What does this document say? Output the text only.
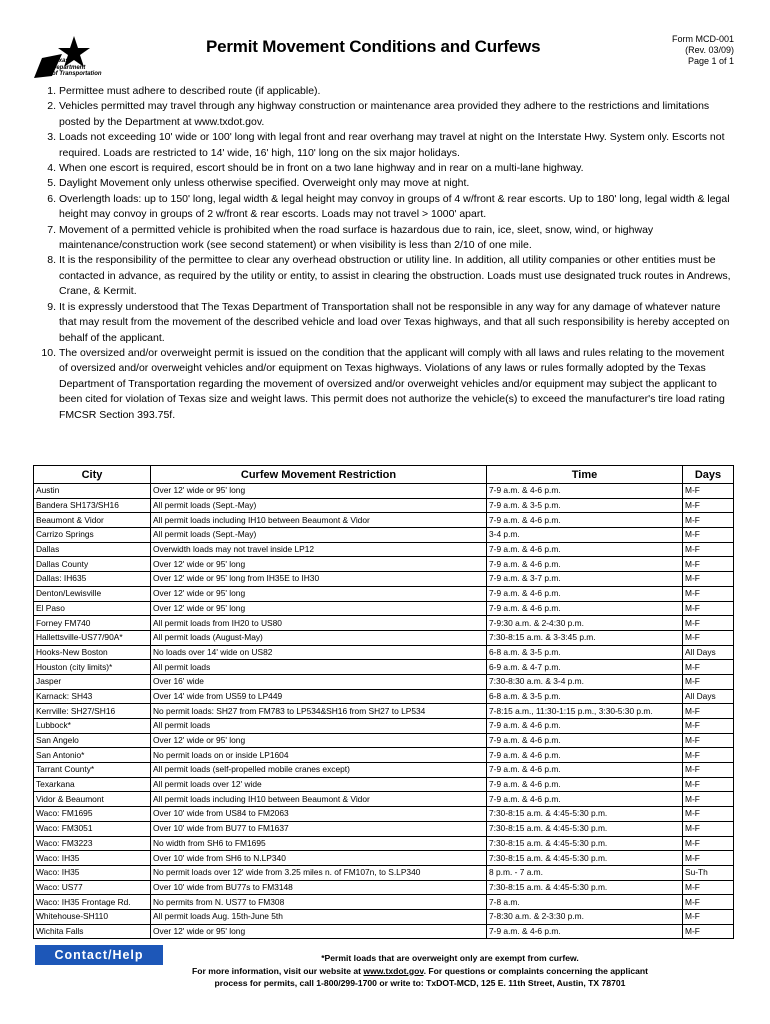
Texas
Department
of Transportation
Permit Movement Conditions and Curfews	Form MCD-001
(Rev. 03/09)
Page 1 of 1
1. Permittee must adhere to described route (if applicable).
2. Vehicles permitted may travel through any highway construction or maintenance area provided they adhere to the restrictions and limitations posted by the Department at www.txdot.gov.
3. Loads not exceeding 10' wide or 100' long with legal front and rear overhang may travel at night on the Interstate Hwy. System only. Escorts not required. Loads are restricted to 14' wide, 16' high, 110' long on the six major holidays.
4. When one escort is required, escort should be in front on a two lane highway and in rear on a multi-lane highway.
5. Daylight Movement only unless otherwise specified. Overweight only may move at night.
6. Overlength loads: up to 150' long, legal width & legal height may convoy in groups of 4 w/front & rear escorts. Up to 180' long, legal width & legal height may convoy in groups of 2 w/front & rear escorts. Loads may not travel > 1000' apart.
7. Movement of a permitted vehicle is prohibited when the road surface is hazardous due to rain, ice, sleet, snow, wind, or highway maintenance/construction work (see second statement) or when visibility is less than 2/10 of one mile.
8. It is the responsibility of the permittee to clear any overhead obstruction or utility line. In addition, all utility companies or other entities must be contacted in advance, as required by the utility or entity, to assist in clearing the obstruction. Loads must use designated truck routes in Andrews, Crane, & Kermit.
9. It is expressly understood that The Texas Department of Transportation shall not be responsible in any way for any damage of whatever nature that may result from the movement of the described vehicle and load over Texas highways, and that all such responsibility is hereby accepted on behalf of the applicant.
10. The oversized and/or overweight permit is issued on the condition that the applicant will comply with all laws and rules relating to the movement of oversized and/or overweight vehicles and/or equipment on Texas highways. Violations of any laws or rules formally adopted by the Texas Department of Transportation regarding the movement of oversized and/or overweight vehicles and/or equipment may subject the applicant to been cited for violation of Texas size and weight laws. This permit does not authorize the vehicle(s) to exceed the manufacturer's tire load rating FMCSR Section 393.75f.
City	Curfew Movement Restriction	Time	Days
Austin	Over 12' wide or 95' long	7-9 a.m. & 4-6 p.m.	M-F
Bandera SH173/SH16	All permit loads (Sept.-May)	7-9 a.m. & 3-5 p.m.	M-F
Beaumont & Vidor	All permit loads including IH10 between Beaumont & Vidor	7-9 a.m. & 4-6 p.m.	M-F
Carrizo Springs	All permit loads (Sept.-May)	3-4 p.m.	M-F
Dallas	Overwidth loads may not travel inside LP12	7-9 a.m. & 4-6 p.m.	M-F
Dallas County	Over 12' wide or 95' long	7-9 a.m. & 4-6 p.m.	M-F
Dallas: IH635	Over 12' wide or 95' long from IH35E to IH30	7-9 a.m. & 3-7 p.m.	M-F
Denton/Lewisville	Over 12' wide or 95' long	7-9 a.m. & 4-6 p.m.	M-F
El Paso	Over 12' wide or 95' long	7-9 a.m. & 4-6 p.m.	M-F
Forney FM740	All permit loads from IH20 to US80	7-9:30 a.m. & 2-4:30 p.m.	M-F
Hallettsville-US77/90A*	All permit loads (August-May)	7:30-8:15 a.m. & 3-3:45 p.m.	M-F
Hooks-New Boston	No loads over 14' wide on US82	6-8 a.m. & 3-5 p.m.	All Days
Houston (city limits)*	All permit loads	6-9 a.m. & 4-7 p.m.	M-F
Jasper	Over 16' wide	7:30-8:30 a.m. & 3-4 p.m.	M-F
Karnack: SH43	Over 14' wide from US59 to LP449	6-8 a.m. & 3-5 p.m.	All Days
Kerrville: SH27/SH16	No permit loads: SH27 from FM783 to LP534&SH16 from SH27 to LP534	7-8:15 a.m., 11:30-1:15 p.m., 3:30-5:30 p.m.	M-F
Lubbock*	All permit loads	7-9 a.m. & 4-6 p.m.	M-F
San Angelo	Over 12' wide or 95' long	7-9 a.m. & 4-6 p.m.	M-F
San Antonio*	No permit loads on or inside LP1604	7-9 a.m. & 4-6 p.m.	M-F
Tarrant County*	All permit loads (self-propelled mobile cranes except)	7-9 a.m. & 4-6 p.m.	M-F
Texarkana	All permit loads over 12' wide	7-9 a.m. & 4-6 p.m.	M-F
Vidor & Beaumont	All permit loads including IH10 between Beaumont & Vidor	7-9 a.m. & 4-6 p.m.	M-F
Waco: FM1695	Over 10' wide from US84 to FM2063	7:30-8:15 a.m. & 4:45-5:30 p.m.	M-F
Waco: FM3051	Over 10' wide from BU77 to FM1637	7:30-8:15 a.m. & 4:45-5:30 p.m.	M-F
Waco: FM3223	No width from SH6 to FM1695	7:30-8:15 a.m. & 4:45-5:30 p.m.	M-F
Waco: IH35	Over 10' wide from SH6 to N.LP340	7:30-8:15 a.m. & 4:45-5:30 p.m.	M-F
Waco: IH35	No permit loads over 12' wide from 3.25 miles n. of FM107n, to S.LP340	8 p.m. - 7 a.m.	Su-Th
Waco: US77	Over 10' wide from BU77s to FM3148	7:30-8:15 a.m. & 4:45-5:30 p.m.	M-F
Waco: IH35 Frontage Rd.	No permits from N. US77 to FM308	7-8 a.m.	M-F
Whitehouse-SH110	All permit loads Aug. 15th-June 5th	7-8:30 a.m. & 2-3:30 p.m.	M-F
Wichita Falls	Over 12' wide or 95' long	7-9 a.m. & 4-6 p.m.	M-F
Contact/Help	*Permit loads that are overweight only are exempt from curfew.
For more information, visit our website at www.txdot.gov. For questions or complaints concerning the applicant
process for permits, call 1-800/299-1700 or write to: TxDOT-MCD, 125 E. 11th Street, Austin, TX 78701
